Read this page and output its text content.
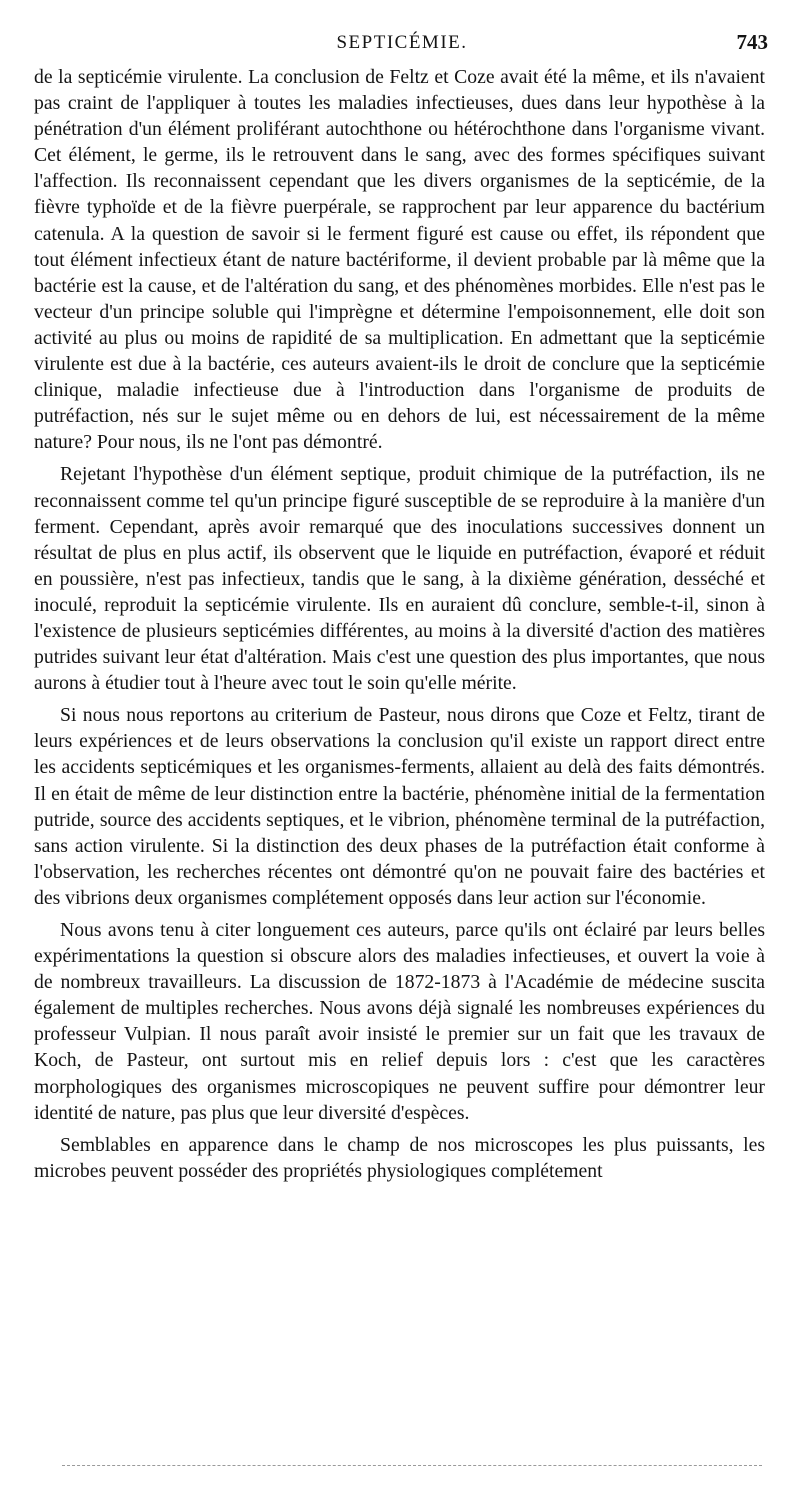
SEPTICÉMIE.	743

de la septicémie virulente. La conclusion de Feltz et Coze avait été la même, et ils n'avaient pas craint de l'appliquer à toutes les maladies infectieuses, dues dans leur hypothèse à la pénétration d'un élément proliférant autochthone ou hétérochthone dans l'organisme vivant. Cet élément, le germe, ils le retrouvent dans le sang, avec des formes spécifiques suivant l'affection. Ils reconnaissent cependant que les divers organismes de la septicémie, de la fièvre typhoïde et de la fièvre puerpérale, se rapprochent par leur apparence du bactérium catenula. A la question de savoir si le ferment figuré est cause ou effet, ils répondent que tout élément infectieux étant de nature bactériforme, il devient probable par là même que la bactérie est la cause, et de l'altération du sang, et des phénomènes morbides. Elle n'est pas le vecteur d'un principe soluble qui l'imprègne et détermine l'empoisonnement, elle doit son activité au plus ou moins de rapidité de sa multiplication. En admettant que la septicémie virulente est due à la bactérie, ces auteurs avaient-ils le droit de conclure que la septicémie clinique, maladie infectieuse due à l'introduction dans l'organisme de produits de putréfaction, nés sur le sujet même ou en dehors de lui, est nécessairement de la même nature? Pour nous, ils ne l'ont pas démontré.

Rejetant l'hypothèse d'un élément septique, produit chimique de la putréfaction, ils ne reconnaissent comme tel qu'un principe figuré susceptible de se reproduire à la manière d'un ferment. Cependant, après avoir remarqué que des inoculations successives donnent un résultat de plus en plus actif, ils observent que le liquide en putréfaction, évaporé et réduit en poussière, n'est pas infectieux, tandis que le sang, à la dixième génération, desséché et inoculé, reproduit la septicémie virulente. Ils en auraient dû conclure, semble-t-il, sinon à l'existence de plusieurs septicémies différentes, au moins à la diversité d'action des matières putrides suivant leur état d'altération. Mais c'est une question des plus importantes, que nous aurons à étudier tout à l'heure avec tout le soin qu'elle mérite.

Si nous nous reportons au criterium de Pasteur, nous dirons que Coze et Feltz, tirant de leurs expériences et de leurs observations la conclusion qu'il existe un rapport direct entre les accidents septicémiques et les organismes-ferments, allaient au delà des faits démontrés. Il en était de même de leur distinction entre la bactérie, phénomène initial de la fermentation putride, source des accidents septiques, et le vibrion, phénomène terminal de la putréfaction, sans action virulente. Si la distinction des deux phases de la putréfaction était conforme à l'observation, les recherches récentes ont démontré qu'on ne pouvait faire des bactéries et des vibrions deux organismes complétement opposés dans leur action sur l'économie.

Nous avons tenu à citer longuement ces auteurs, parce qu'ils ont éclairé par leurs belles expérimentations la question si obscure alors des maladies infectieuses, et ouvert la voie à de nombreux travailleurs. La discussion de 1872-1873 à l'Académie de médecine suscita également de multiples recherches. Nous avons déjà signalé les nombreuses expériences du professeur Vulpian. Il nous paraît avoir insisté le premier sur un fait que les travaux de Koch, de Pasteur, ont surtout mis en relief depuis lors : c'est que les caractères morphologiques des organismes microscopiques ne peuvent suffire pour démontrer leur identité de nature, pas plus que leur diversité d'espèces.

Semblables en apparence dans le champ de nos microscopes les plus puissants, les microbes peuvent posséder des propriétés physiologiques complétement
